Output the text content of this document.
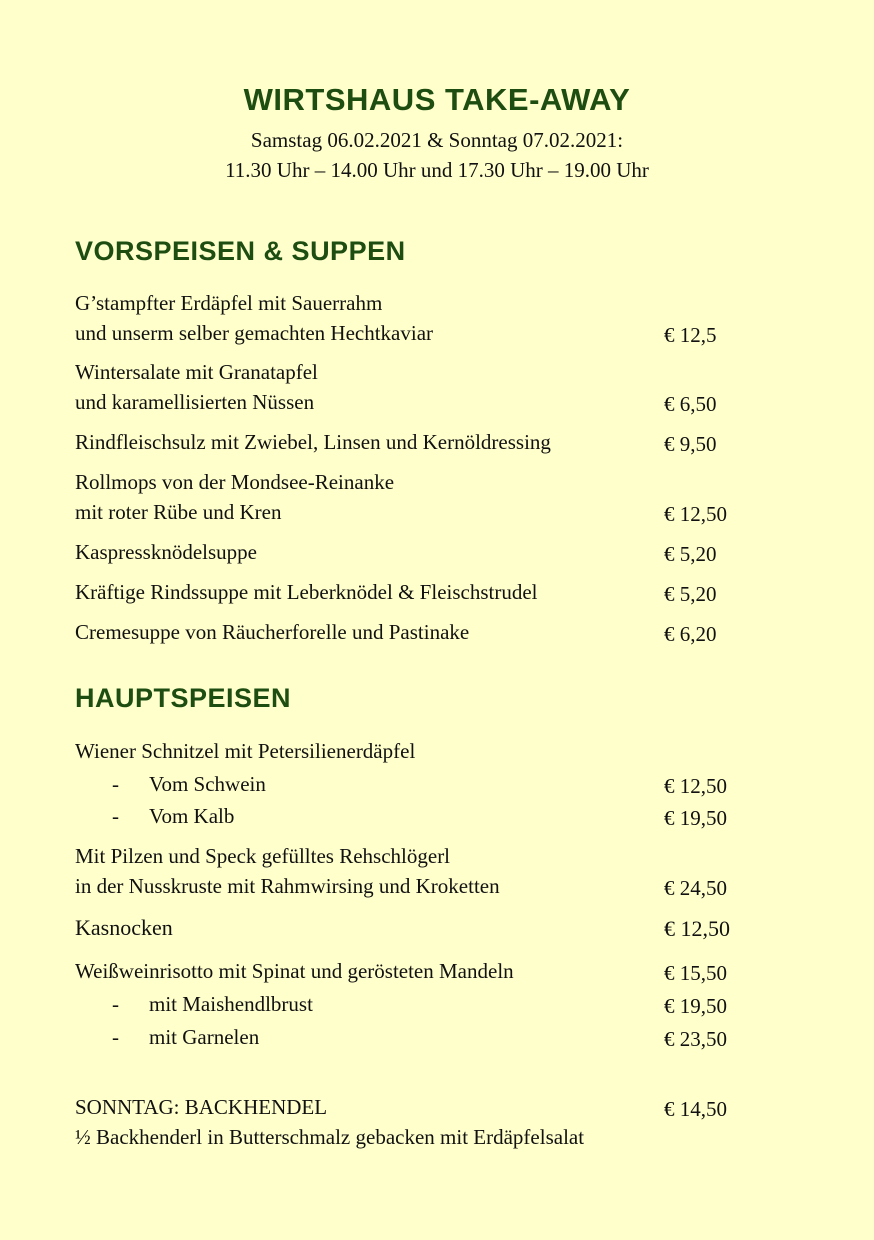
WIRTSHAUS TAKE-AWAY
Samstag 06.02.2021 & Sonntag 07.02.2021:
11.30 Uhr – 14.00 Uhr und 17.30 Uhr – 19.00 Uhr
VORSPEISEN & SUPPEN
G’stampfter Erdäpfel mit Sauerrahm
und unserm selber gemachten Hechtkaviar	€ 12,5
Wintersalate mit Granatapfel
und karamellisierten Nüssen	€ 6,50
Rindfleischsulz mit Zwiebel, Linsen und Kernöldressing	€ 9,50
Rollmops von der Mondsee-Reinanke
mit roter Rübe und Kren	€ 12,50
Kaspressknödelsuppe	€ 5,20
Kräftige Rindssuppe mit Leberknödel & Fleischstrudel	€ 5,20
Cremesuppe von Räucherforelle und Pastinake	€ 6,20
HAUPTSPEISEN
Wiener Schnitzel mit Petersilienerdäpfel
- Vom Schwein	€ 12,50
- Vom Kalb	€ 19,50
Mit Pilzen und Speck gefülltes Rehschlögerl
in der Nusskruste mit Rahmwirsing und Kroketten	€ 24,50
Kasnocken	€ 12,50
Weißweinrisotto mit Spinat und gerösteten Mandeln	€ 15,50
- mit Maishendlbrust	€ 19,50
- mit Garnelen	€ 23,50
SONNTAG: BACKHENDEL	€ 14,50
½ Backhenderl in Butterschmalz gebacken mit Erdäpfelsalat
